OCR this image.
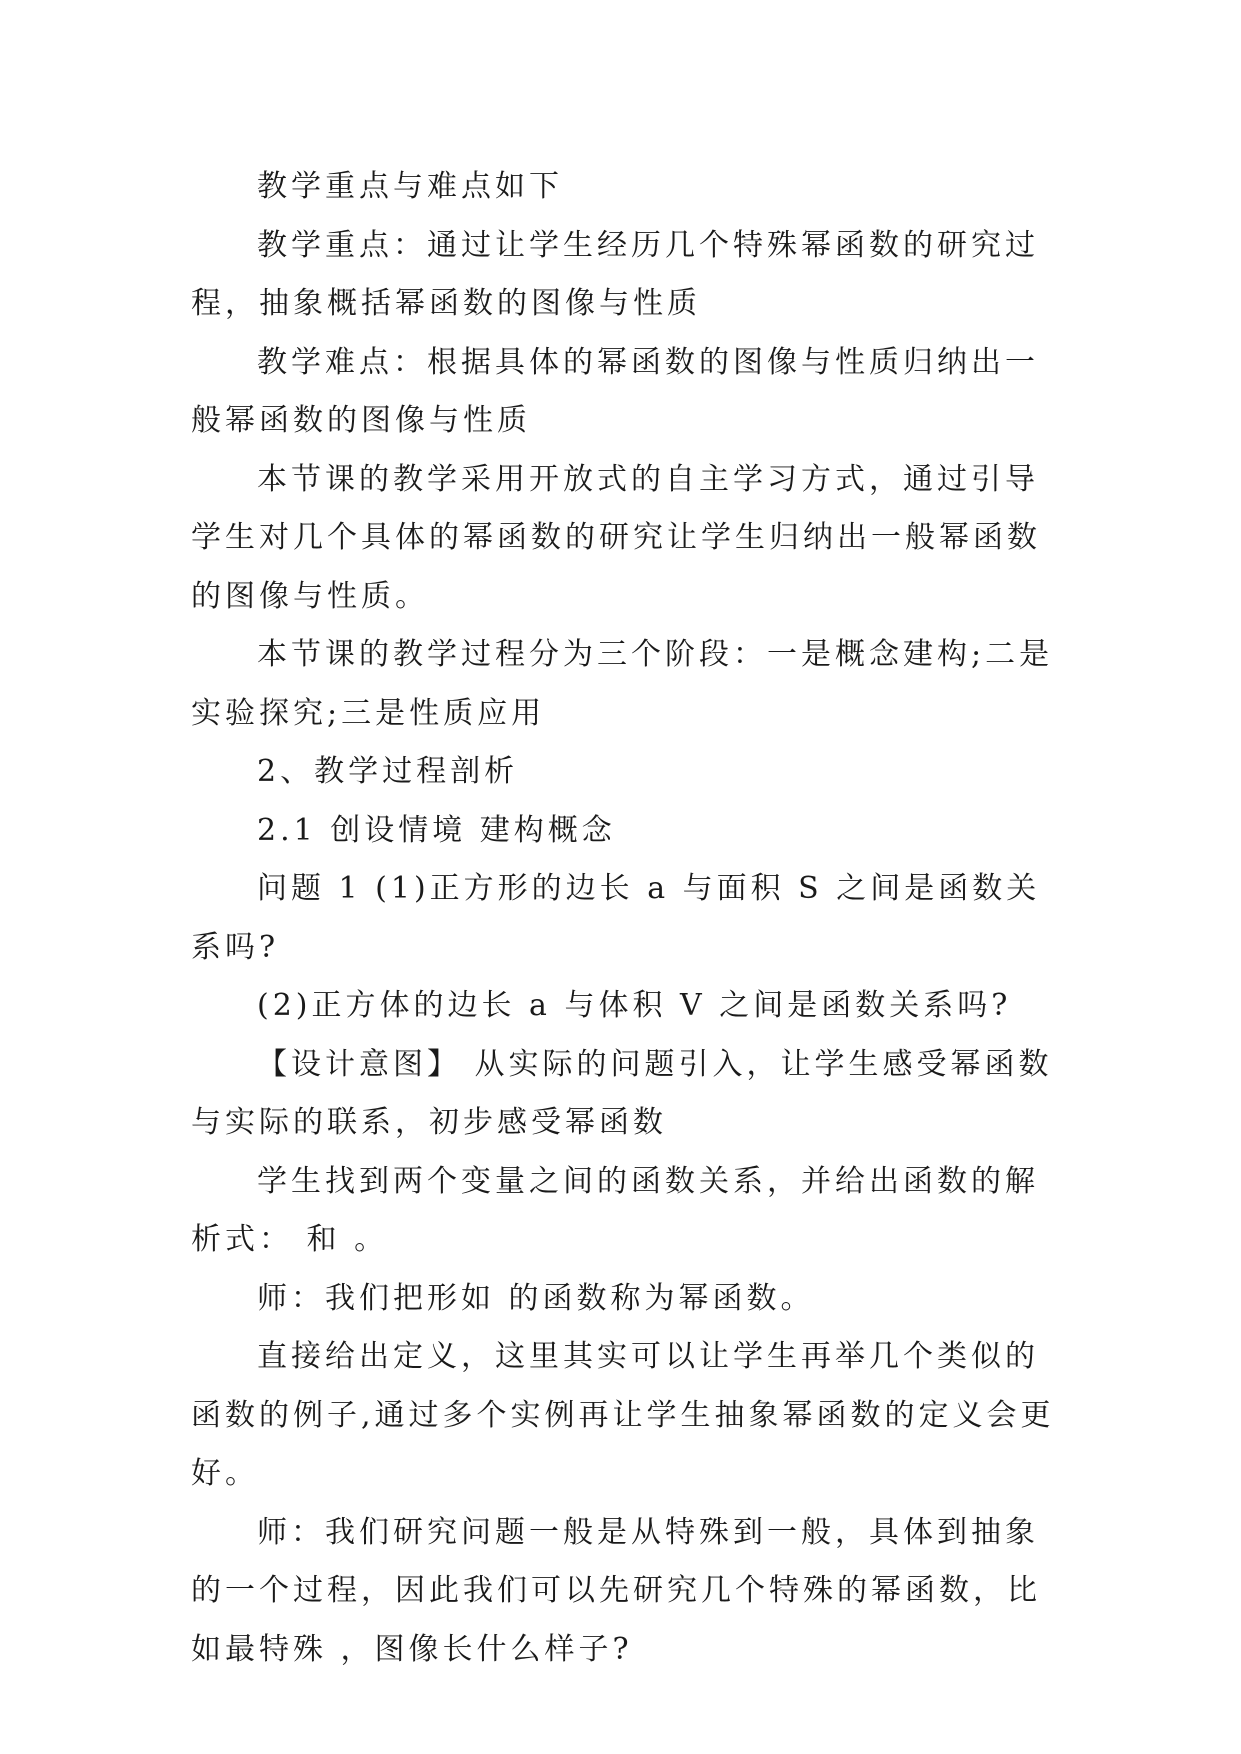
教学重点与难点如下

教学重点：通过让学生经历几个特殊幂函数的研究过程，抽象概括幂函数的图像与性质

教学难点：根据具体的幂函数的图像与性质归纳出一般幂函数的图像与性质

本节课的教学采用开放式的自主学习方式，通过引导学生对几个具体的幂函数的研究让学生归纳出一般幂函数的图像与性质。

本节课的教学过程分为三个阶段：一是概念建构;二是实验探究;三是性质应用

2、教学过程剖析

2.1 创设情境 建构概念

问题 1 (1)正方形的边长 a 与面积 S 之间是函数关系吗?

(2)正方体的边长 a 与体积 V 之间是函数关系吗?

【设计意图】 从实际的问题引入，让学生感受幂函数与实际的联系，初步感受幂函数

学生找到两个变量之间的函数关系，并给出函数的解析式： 和 。

师：我们把形如 的函数称为幂函数。

直接给出定义，这里其实可以让学生再举几个类似的函数的例子,通过多个实例再让学生抽象幂函数的定义会更好。

师：我们研究问题一般是从特殊到一般，具体到抽象的一个过程，因此我们可以先研究几个特殊的幂函数，比如最特殊 ，图像长什么样子?
